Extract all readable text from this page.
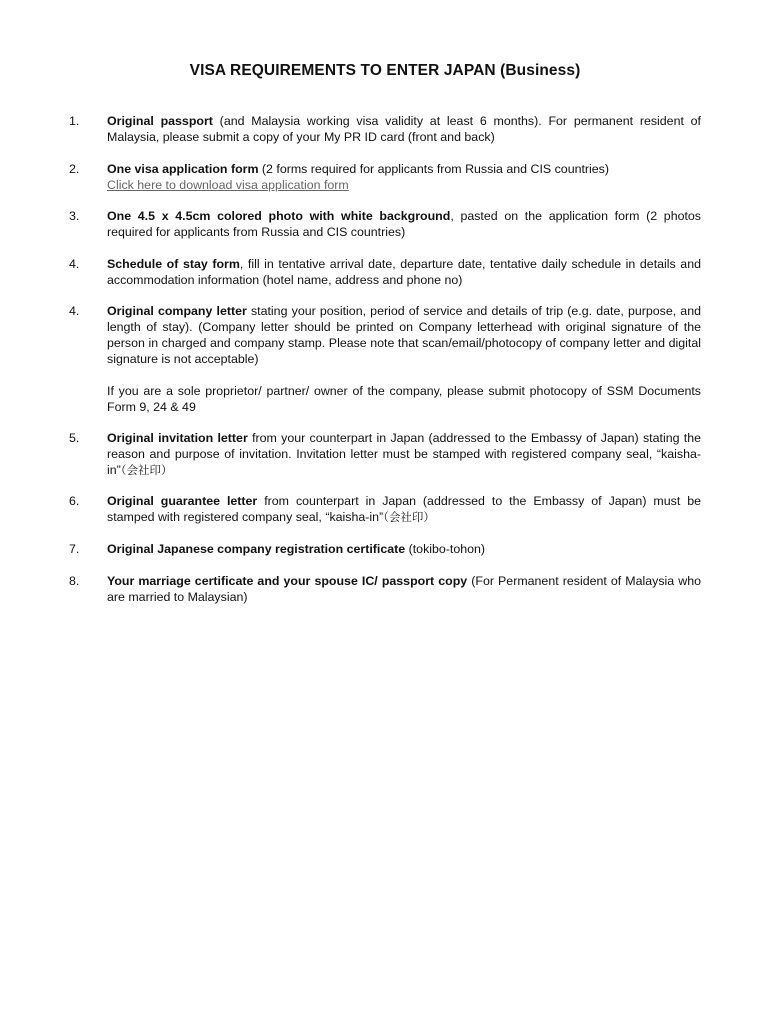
VISA REQUIREMENTS TO ENTER JAPAN (Business)
1. Original passport (and Malaysia working visa validity at least 6 months). For permanent resident of Malaysia, please submit a copy of your My PR ID card (front and back)

2. One visa application form (2 forms required for applicants from Russia and CIS countries)

Click here to download visa application form

3. One 4.5 x 4.5cm colored photo with white background, pasted on the application form (2 photos required for applicants from Russia and CIS countries)

4. Schedule of stay form, fill in tentative arrival date, departure date, tentative daily schedule in details and accommodation information (hotel name, address and phone no)

4. Original company letter stating your position, period of service and details of trip (e.g. date, purpose, and length of stay). (Company letter should be printed on Company letterhead with original signature of the person in charged and company stamp. Please note that scan/email/photocopy of company letter and digital signature is not acceptable)

If you are a sole proprietor/ partner/ owner of the company, please submit photocopy of SSM Documents Form 9, 24 & 49

5. Original invitation letter from your counterpart in Japan (addressed to the Embassy of Japan) stating the reason and purpose of invitation. Invitation letter must be stamped with registered company seal, “kaisha-in”（会社印）

6. Original guarantee letter from counterpart in Japan (addressed to the Embassy of Japan) must be stamped with registered company seal, “kaisha-in”（会社印）

7. Original Japanese company registration certificate (tokibo-tohon)

8. Your marriage certificate and your spouse IC/ passport copy (For Permanent resident of Malaysia who are married to Malaysian)
